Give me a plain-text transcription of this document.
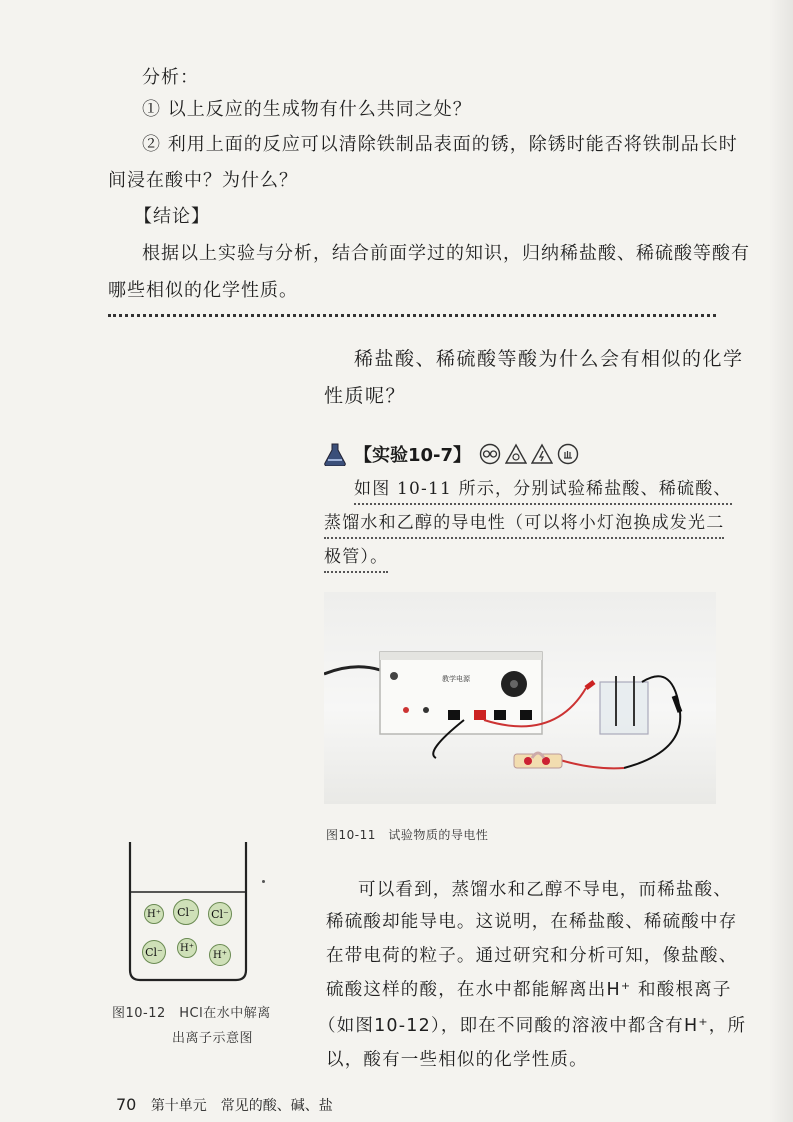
分析：

① 以上反应的生成物有什么共同之处？

② 利用上面的反应可以清除铁制品表面的锈，除锈时能否将铁制品长时

间浸在酸中？为什么？

【结论】

根据以上实验与分析，结合前面学过的知识，归纳稀盐酸、稀硫酸等酸有

哪些相似的化学性质。

稀盐酸、稀硫酸等酸为什么会有相似的化学
性质呢？
【实验10-7】
如图 10-11 所示，分别试验稀盐酸、稀硫酸、
蒸馏水和乙醇的导电性（可以将小灯泡换成发光二
极管）。
教学电源
图10-11　试验物质的导电性
H⁺	Cl⁻	Cl⁻
Cl⁻	H⁺
H⁺
图10-12　HCl在水中解离
出离子示意图
可以看到，蒸馏水和乙醇不导电，而稀盐酸、
稀硫酸却能导电。这说明，在稀盐酸、稀硫酸中存
在带电荷的粒子。通过研究和分析可知，像盐酸、
硫酸这样的酸，在水中都能解离出H⁺ 和酸根离子
（如图10-12），即在不同酸的溶液中都含有H⁺，所
以，酸有一些相似的化学性质。
70 第十单元　常见的酸、碱、盐
